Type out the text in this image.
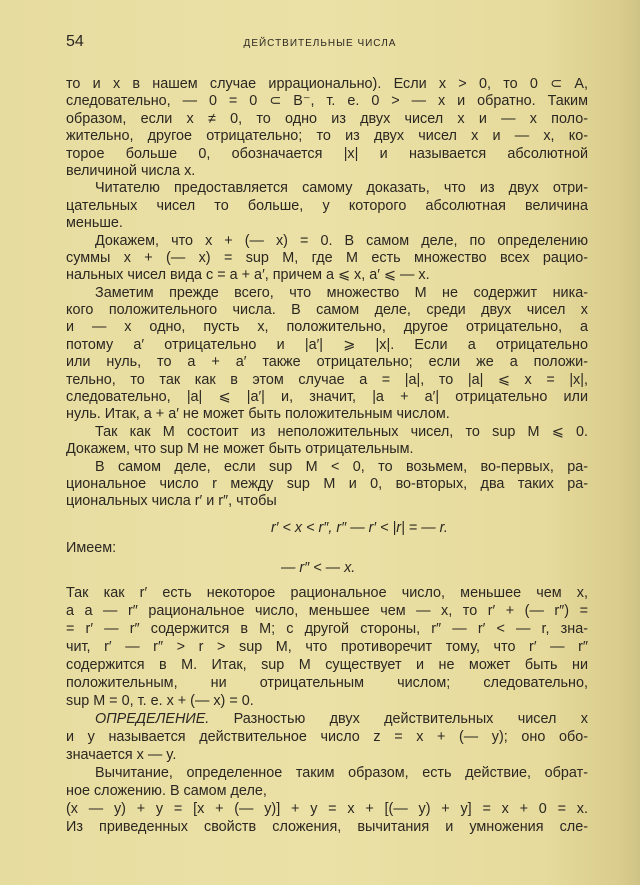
54	ДЕЙСТВИТЕЛЬНЫЕ ЧИСЛА
то и x в нашем случае иррационально). Если x > 0, то 0 ⊂ A,
следовательно, — 0 = 0 ⊂ B⁻, т. е. 0 > — x и обратно. Таким
образом, если x ≠ 0, то одно из двух чисел x и — x поло-
жительно, другое отрицательно; то из двух чисел x и — x, ко-
торое больше 0, обозначается |x| и называется абсолютной
величиной числа x.
Читателю предоставляется самому доказать, что из двух отри-
цательных чисел то больше, у которого абсолютная величина
меньше.
Докажем, что x + (— x) = 0. В самом деле, по определению
суммы x + (— x) = sup M, где M есть множество всех рацио-
нальных чисел вида c = a + a′, причем a ⩽ x, a′ ⩽ — x.
Заметим прежде всего, что множество M не содержит ника-
кого положительного числа. В самом деле, среди двух чисел x
и — x одно, пусть x, положительно, другое отрицательно, а
потому a′ отрицательно и |a′| ⩾ |x|. Если a отрицательно
или нуль, то a + a′ также отрицательно; если же a положи-
тельно, то так как в этом случае a = |a|, то |a| ⩽ x = |x|,
следовательно, |a| ⩽ |a′| и, значит, |a + a′| отрицательно или
нуль. Итак, a + a′ не может быть положительным числом.
Так как M состоит из неположительных чисел, то sup M ⩽ 0.
Докажем, что sup M не может быть отрицательным.
В самом деле, если sup M < 0, то возьмем, во-первых, ра-
циональное число r между sup M и 0, во-вторых, два таких ра-
циональных числа r′ и r″, чтобы
r′ < x < r″, r″ — r′ < |r| = — r.
Имеем:
— r″ < — x.
Так как r′ есть некоторое рациональное число, меньшее чем x,
а a — r″ рациональное число, меньшее чем — x, то r′ + (— r″) =
= r′ — r″ содержится в M; с другой стороны, r″ — r′ < — r, зна-
чит, r′ — r″ > r > sup M, что противоречит тому, что r′ — r″
содержится в M. Итак, sup M существует и не может быть ни
положительным, ни отрицательным числом; следовательно,
sup M = 0, т. е. x + (— x) = 0.
ОПРЕДЕЛЕНИЕ. Разностью двух действительных чисел x
и y называется действительное число z = x + (— y); оно обо-
значается x — y.
Вычитание, определенное таким образом, есть действие, обрат-
ное сложению. В самом деле,
(x — y) + y = [x + (— y)] + y = x + [(— y) + y] = x + 0 = x.
Из приведенных свойств сложения, вычитания и умножения сле-
